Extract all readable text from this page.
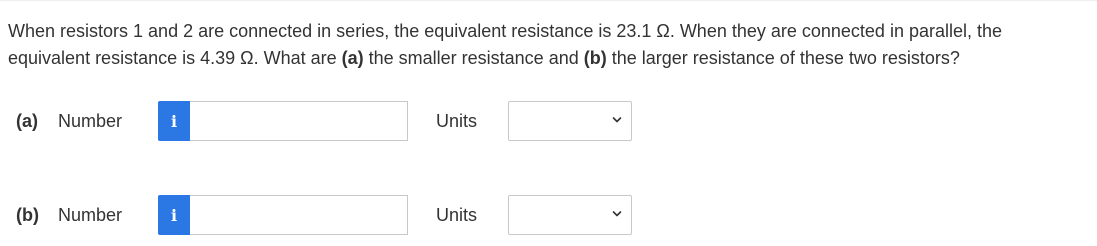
When resistors 1 and 2 are connected in series, the equivalent resistance is 23.1 Ω. When they are connected in parallel, the equivalent resistance is 4.39 Ω. What are (a) the smaller resistance and (b) the larger resistance of these two resistors?
(a)	Number	i	Units
(b)	Number	i	Units
